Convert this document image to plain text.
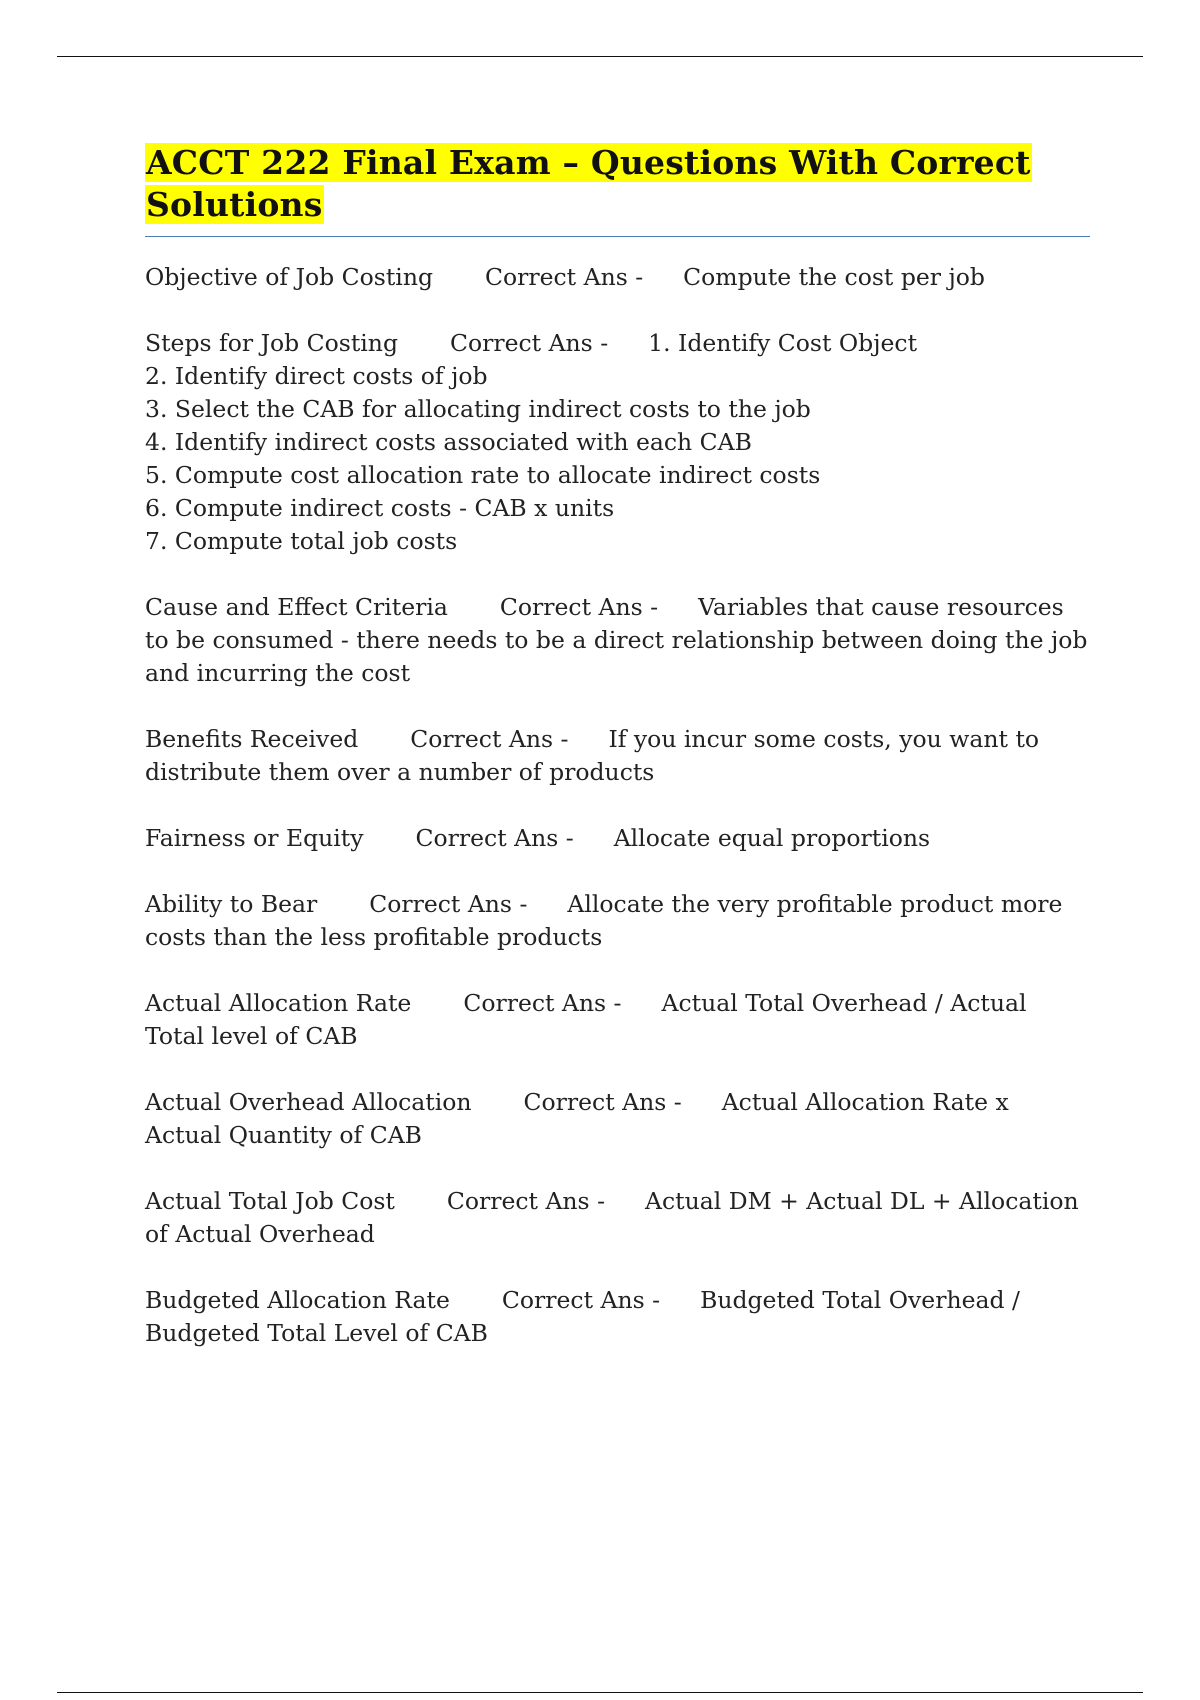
ACCT 222 Final Exam – Questions With Correct Solutions
Objective of Job Costing Correct Ans - Compute the cost per job
Steps for Job Costing Correct Ans - 1. Identify Cost Object
2. Identify direct costs of job
3. Select the CAB for allocating indirect costs to the job
4. Identify indirect costs associated with each CAB
5. Compute cost allocation rate to allocate indirect costs
6. Compute indirect costs - CAB x units
7. Compute total job costs
Cause and Effect Criteria Correct Ans - Variables that cause resources to be consumed - there needs to be a direct relationship between doing the job and incurring the cost
Benefits Received Correct Ans - If you incur some costs, you want to distribute them over a number of products
Fairness or Equity Correct Ans - Allocate equal proportions
Ability to Bear Correct Ans - Allocate the very profitable product more costs than the less profitable products
Actual Allocation Rate Correct Ans - Actual Total Overhead / Actual Total level of CAB
Actual Overhead Allocation Correct Ans - Actual Allocation Rate x Actual Quantity of CAB
Actual Total Job Cost Correct Ans - Actual DM + Actual DL + Allocation of Actual Overhead
Budgeted Allocation Rate Correct Ans - Budgeted Total Overhead / Budgeted Total Level of CAB
